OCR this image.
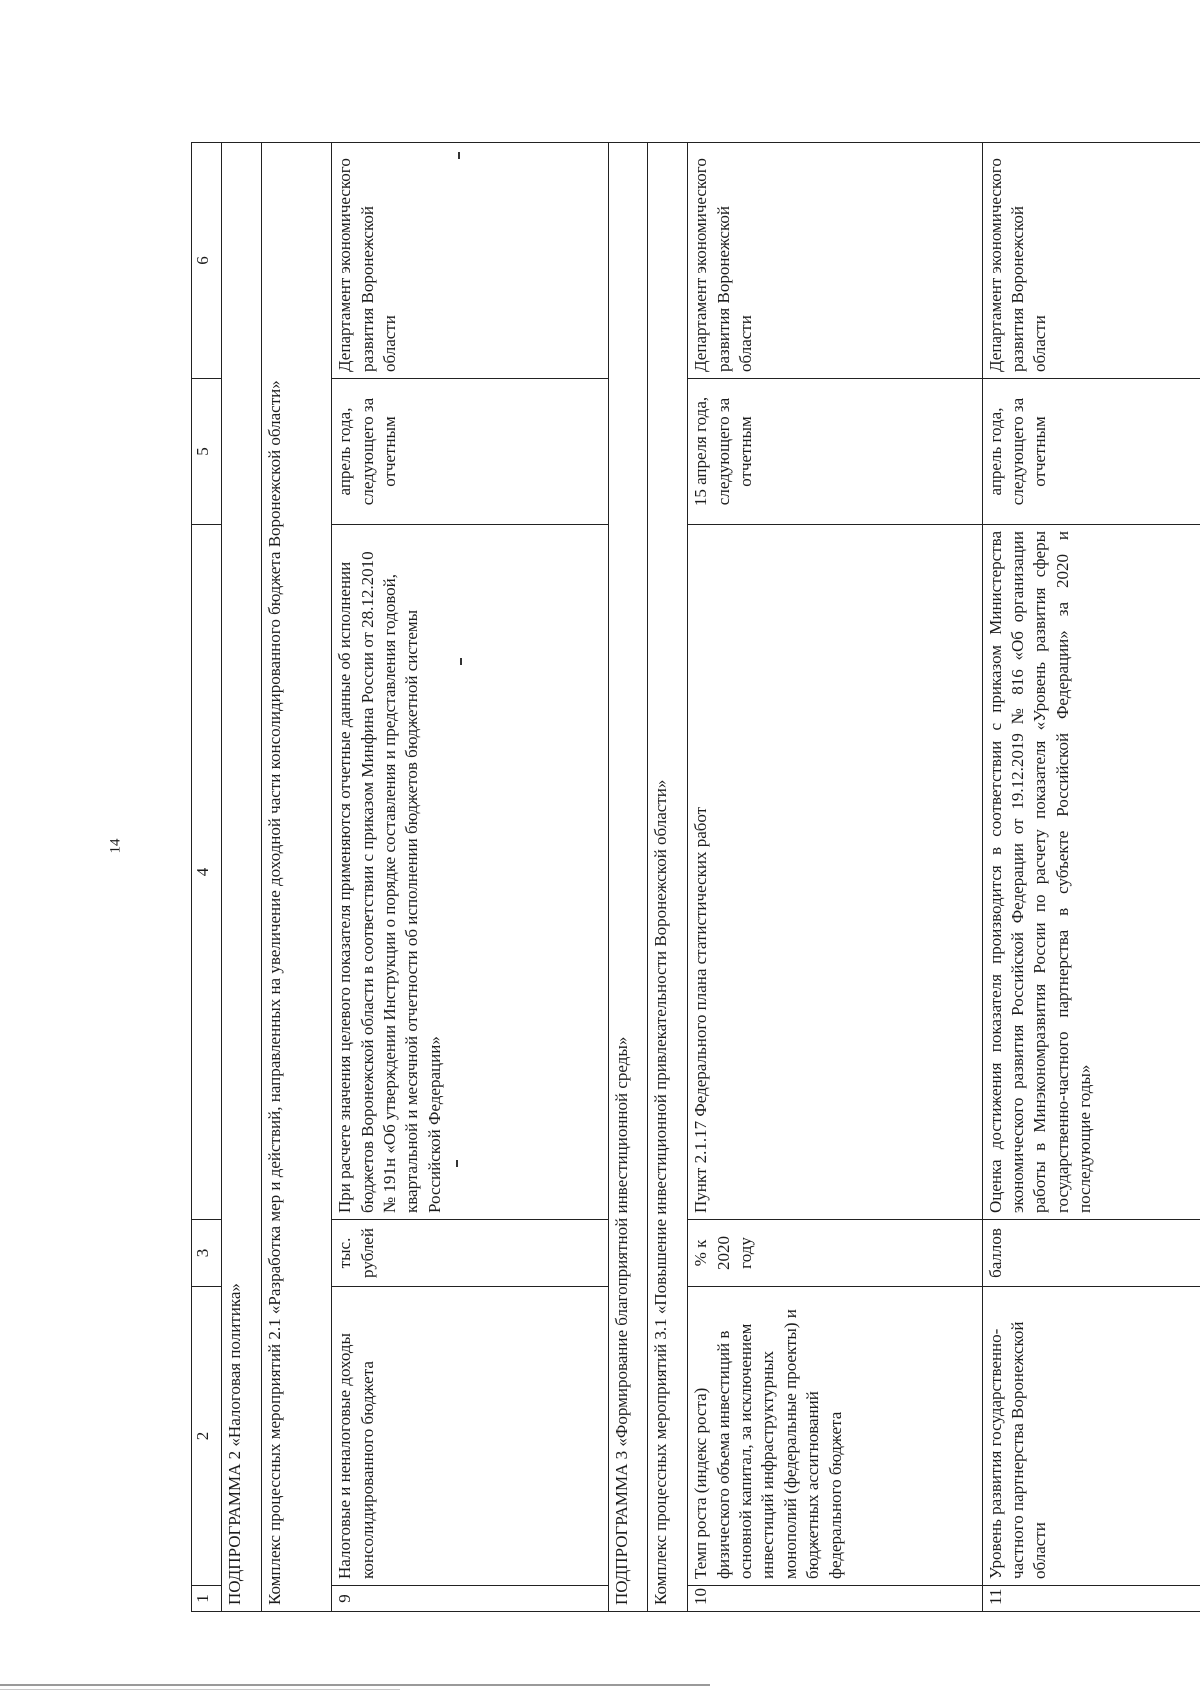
14
1	2	3	4	5	6
ПОДПРОГРАММА 2 «Налоговая политика»					
Комплекс процессных мероприятий 2.1 «Разработка мер и действий, направленных на увеличение доходной части консолидированного бюджета Воронежской области»					
9	Налоговые и неналоговые доходы консолидированного бюджета	тыс. рублей	При расчете значения целевого показателя применяются отчетные данные об исполнении бюджетов Воронежской области в соответствии с приказом Минфина России от 28.12.2010 № 191н «Об утверждении Инструкции о порядке составления и представления годовой, квартальной и месячной отчетности об исполнении бюджетов бюджетной системы Российской Федерации»	апрель года, следующего за отчетным	Департамент экономического развития Воронежской области
ПОДПРОГРАММА 3 «Формирование благоприятной инвестиционной среды»					
Комплекс процессных мероприятий 3.1 «Повышение инвестиционной привлекательности Воронежской области»					
10	Темп роста (индекс роста) физического объема инвестиций в основной капитал, за исключением инвестиций инфраструктурных монополий (федеральные проекты) и бюджетных ассигнований федерального бюджета	% к 2020 году	Пункт 2.1.17 Федерального плана статистических работ	15 апреля года, следующего за отчетным	Департамент экономического развития Воронежской области
11	Уровень развития государственно-частного партнерства Воронежской области	баллов	Оценка достижения показателя производится в соответствии с приказом Министерства экономического развития Российской Федерации от 19.12.2019 № 816 «Об организации работы в Минэкономразвития России по расчету показателя «Уровень развития сферы государственно-частного партнерства в субъекте Российской Федерации» за 2020 и последующие годы»	апрель года, следующего за отчетным	Департамент экономического развития Воронежской области
